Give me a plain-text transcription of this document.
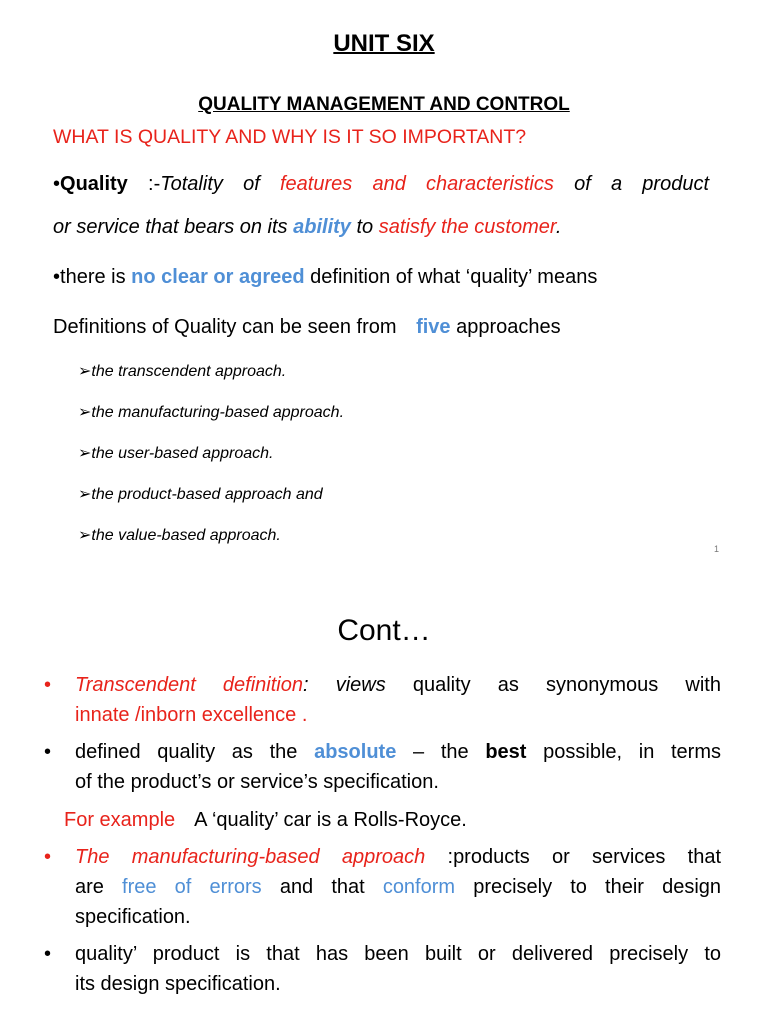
UNIT SIX
QUALITY MANAGEMENT AND CONTROL
WHAT IS QUALITY AND WHY IS IT SO IMPORTANT?
•Quality :-Totality of features and characteristics of a product
or service that bears on its ability to satisfy the customer.
•there is no clear or agreed definition of what ‘quality’ means
Definitions of Quality can be seen from five approaches
➢the transcendent approach.
➢the manufacturing-based approach.
➢the user-based approach.
➢the product-based approach and
➢the value-based approach.
1
Cont…
• Transcendent definition: views quality as synonymous with
innate /inborn excellence .
• defined quality as the absolute – the best possible, in terms
of the product’s or service’s specification.
For example A ‘quality’ car is a Rolls-Royce.
• The manufacturing-based approach :products or services that
are free of errors and that conform precisely to their design
specification.
• quality’ product is that has been built or delivered precisely to
its design specification.
